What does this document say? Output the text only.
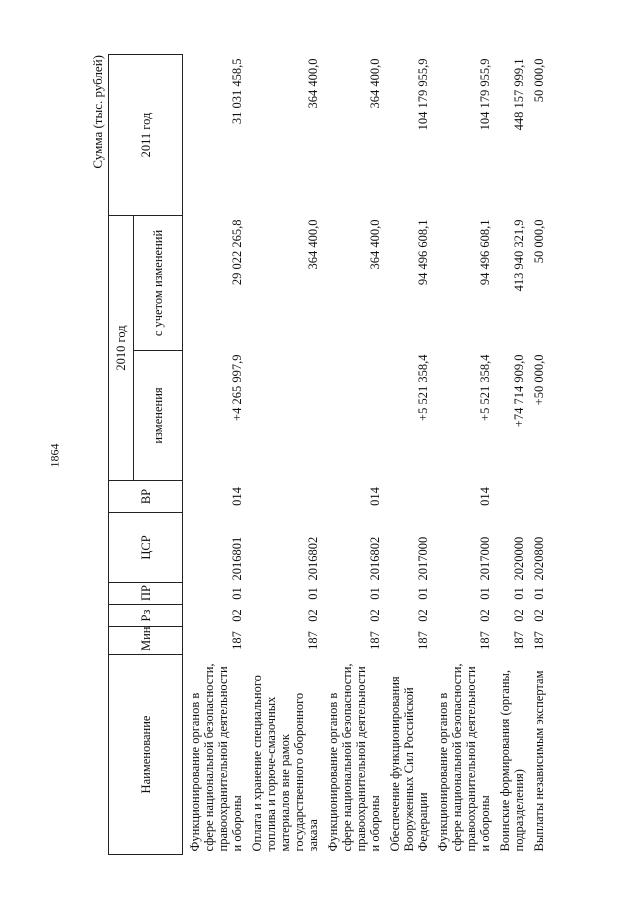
1864
Сумма (тыс. рублей)
Наименование	Мин	Рз	ПР	ЦСР	ВР	2010 год		2011 год
						изменения	с учетом изменений	
Функционирование органов в сфере национальной безопасности, правоохранительной деятельности и обороны	187	02	01	2016801	014	+4 265 997,9	29 022 265,8	31 031 458,5
Оплата и хранение специального топлива и горюче-смазочных материалов вне рамок государственного оборонного заказа	187	02	01	2016802			364 400,0	364 400,0
Функционирование органов в сфере национальной безопасности, правоохранительной деятельности и обороны	187	02	01	2016802	014		364 400,0	364 400,0
Обеспечение функционирования Вооруженных Сил Российской Федерации	187	02	01	2017000		+5 521 358,4	94 496 608,1	104 179 955,9
Функционирование органов в сфере национальной безопасности, правоохранительной деятельности и обороны	187	02	01	2017000	014	+5 521 358,4	94 496 608,1	104 179 955,9
Воинские формирования (органы, подразделения)	187	02	01	2020000		+74 714 909,0	413 940 321,9	448 157 999,1
Выплаты независимым экспертам	187	02	01	2020800		+50 000,0	50 000,0	50 000,0
